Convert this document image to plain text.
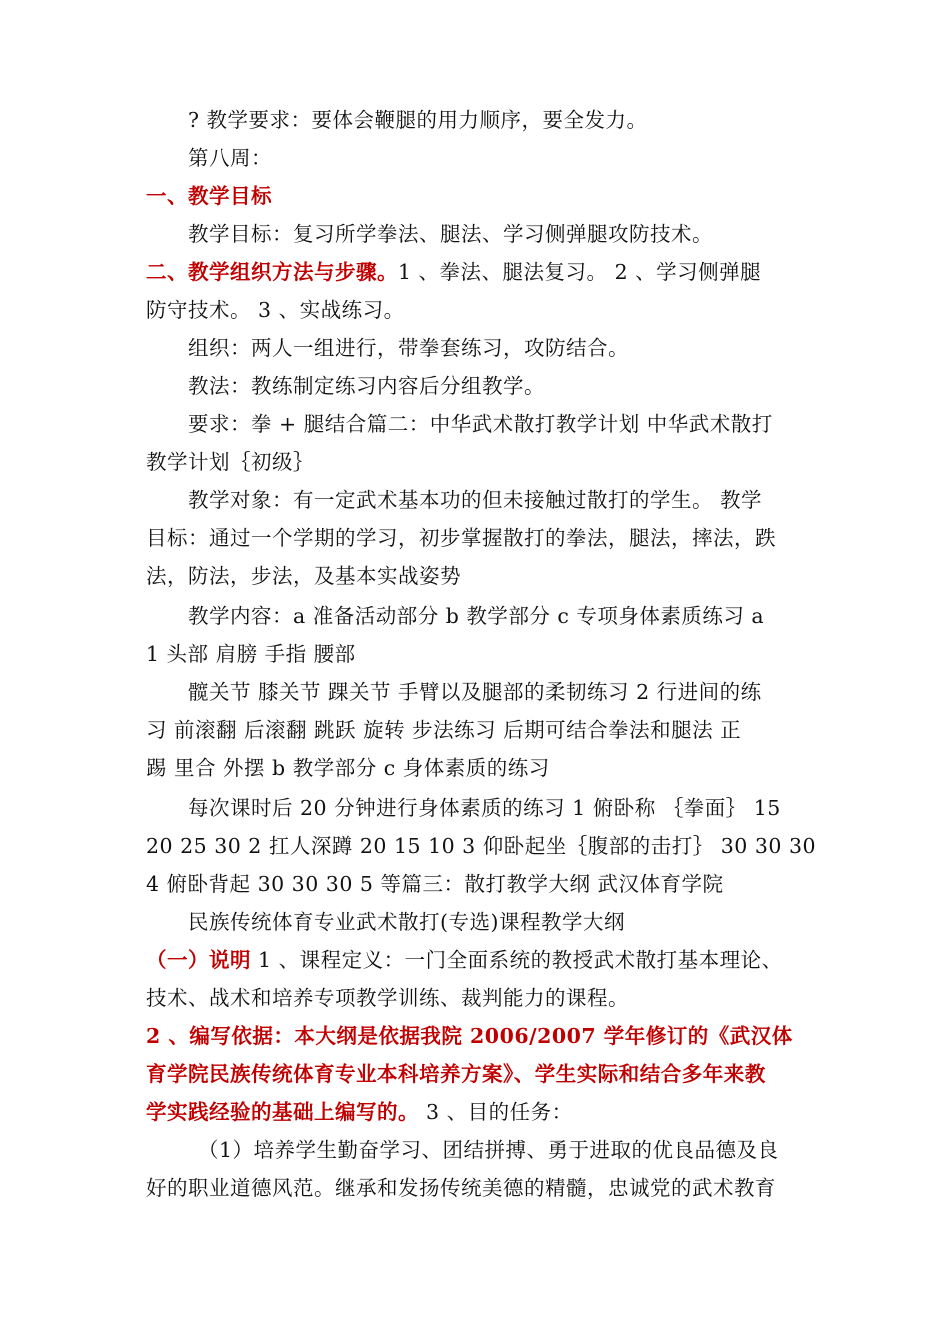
? 教学要求：要体会鞭腿的用力顺序，要全发力。
第八周：
一、教学目标
教学目标：复习所学拳法、腿法、学习侧弹腿攻防技术。
二、教学组织方法与步骤。1 、拳法、腿法复习。 2 、学习侧弹腿
防守技术。 3 、实战练习。
组织：两人一组进行，带拳套练习，攻防结合。
教法：教练制定练习内容后分组教学。
要求：拳 + 腿结合篇二：中华武术散打教学计划 中华武术散打
教学计划｛初级｝
教学对象：有一定武术基本功的但未接触过散打的学生。 教学
目标：通过一个学期的学习，初步掌握散打的拳法，腿法，摔法，跌
法，防法，步法，及基本实战姿势
教学内容：a 准备活动部分 b 教学部分 c 专项身体素质练习 a
1 头部 肩膀 手指 腰部
髋关节 膝关节 踝关节 手臂以及腿部的柔韧练习 2 行进间的练
习 前滚翻 后滚翻 跳跃 旋转 步法练习 后期可结合拳法和腿法 正
踢 里合 外摆 b 教学部分 c 身体素质的练习
每次课时后 20 分钟进行身体素质的练习 1 俯卧称 ｛拳面｝ 15
20 25 30 2 扛人深蹲 20 15 10 3 仰卧起坐｛腹部的击打｝ 30 30 30
4 俯卧背起 30 30 30 5 等篇三：散打教学大纲 武汉体育学院
民族传统体育专业武术散打(专选)课程教学大纲
（一）说明 1 、课程定义：一门全面系统的教授武术散打基本理论、
技术、战术和培养专项教学训练、裁判能力的课程。
2 、编写依据：本大纲是依据我院 2006/2007 学年修订的《武汉体
育学院民族传统体育专业本科培养方案》、学生实际和结合多年来教
学实践经验的基础上编写的。 3 、目的任务：
（1）培养学生勤奋学习、团结拼搏、勇于进取的优良品德及良
好的职业道德风范。继承和发扬传统美德的精髓，忠诚党的武术教育
